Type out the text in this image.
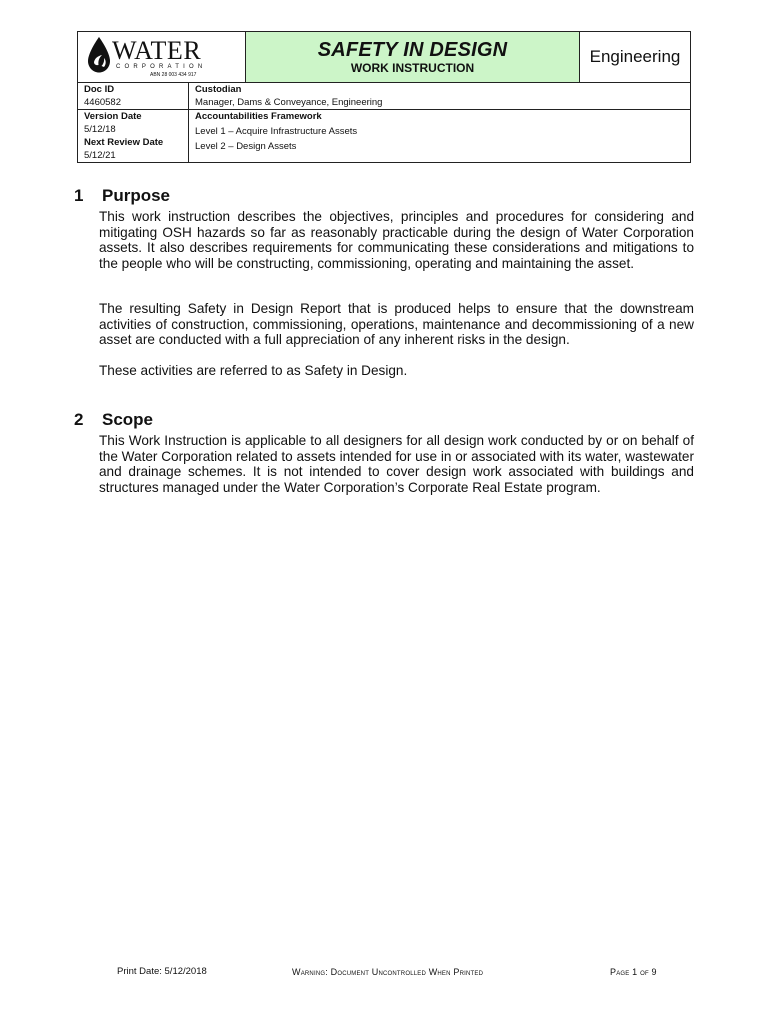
WATER
CORPORATION
ABN 28 003 434 917
SAFETY IN DESIGN
WORK INSTRUCTION
Engineering
Doc ID
4460582
Version Date
5/12/18
Next Review Date
5/12/21
Custodian
Manager, Dams & Conveyance, Engineering
Accountabilities Framework
Level 1 – Acquire Infrastructure Assets
Level 2 – Design Assets
1 Purpose

This work instruction describes the objectives, principles and procedures for considering and mitigating OSH hazards so far as reasonably practicable during the design of Water Corporation assets. It also describes requirements for communicating these considerations and mitigations to the people who will be constructing, commissioning, operating and maintaining the asset.

The resulting Safety in Design Report that is produced helps to ensure that the downstream activities of construction, commissioning, operations, maintenance and decommissioning of a new asset are conducted with a full appreciation of any inherent risks in the design.

These activities are referred to as Safety in Design.

2 Scope

This Work Instruction is applicable to all designers for all design work conducted by or on behalf of the Water Corporation related to assets intended for use in or associated with its water, wastewater and drainage schemes. It is not intended to cover design work associated with buildings and structures managed under the Water Corporation’s Corporate Real Estate program.

Print Date: 5/12/2018	Warning: Document Uncontrolled When Printed	Page 1 of 9
